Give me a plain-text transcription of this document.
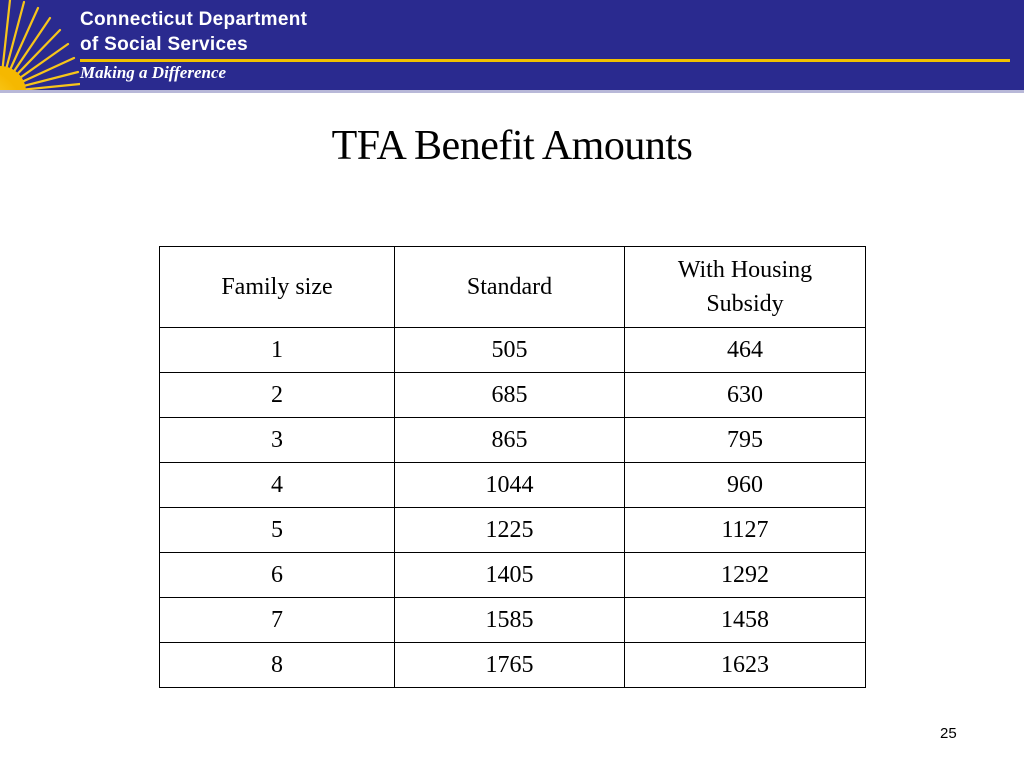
Connecticut Department
of Social Services
Making a Difference
TFA Benefit Amounts
Family size	Standard	With Housing Subsidy
1	505	464
2	685	630
3	865	795
4	1044	960
5	1225	1127
6	1405	1292
7	1585	1458
8	1765	1623
25
